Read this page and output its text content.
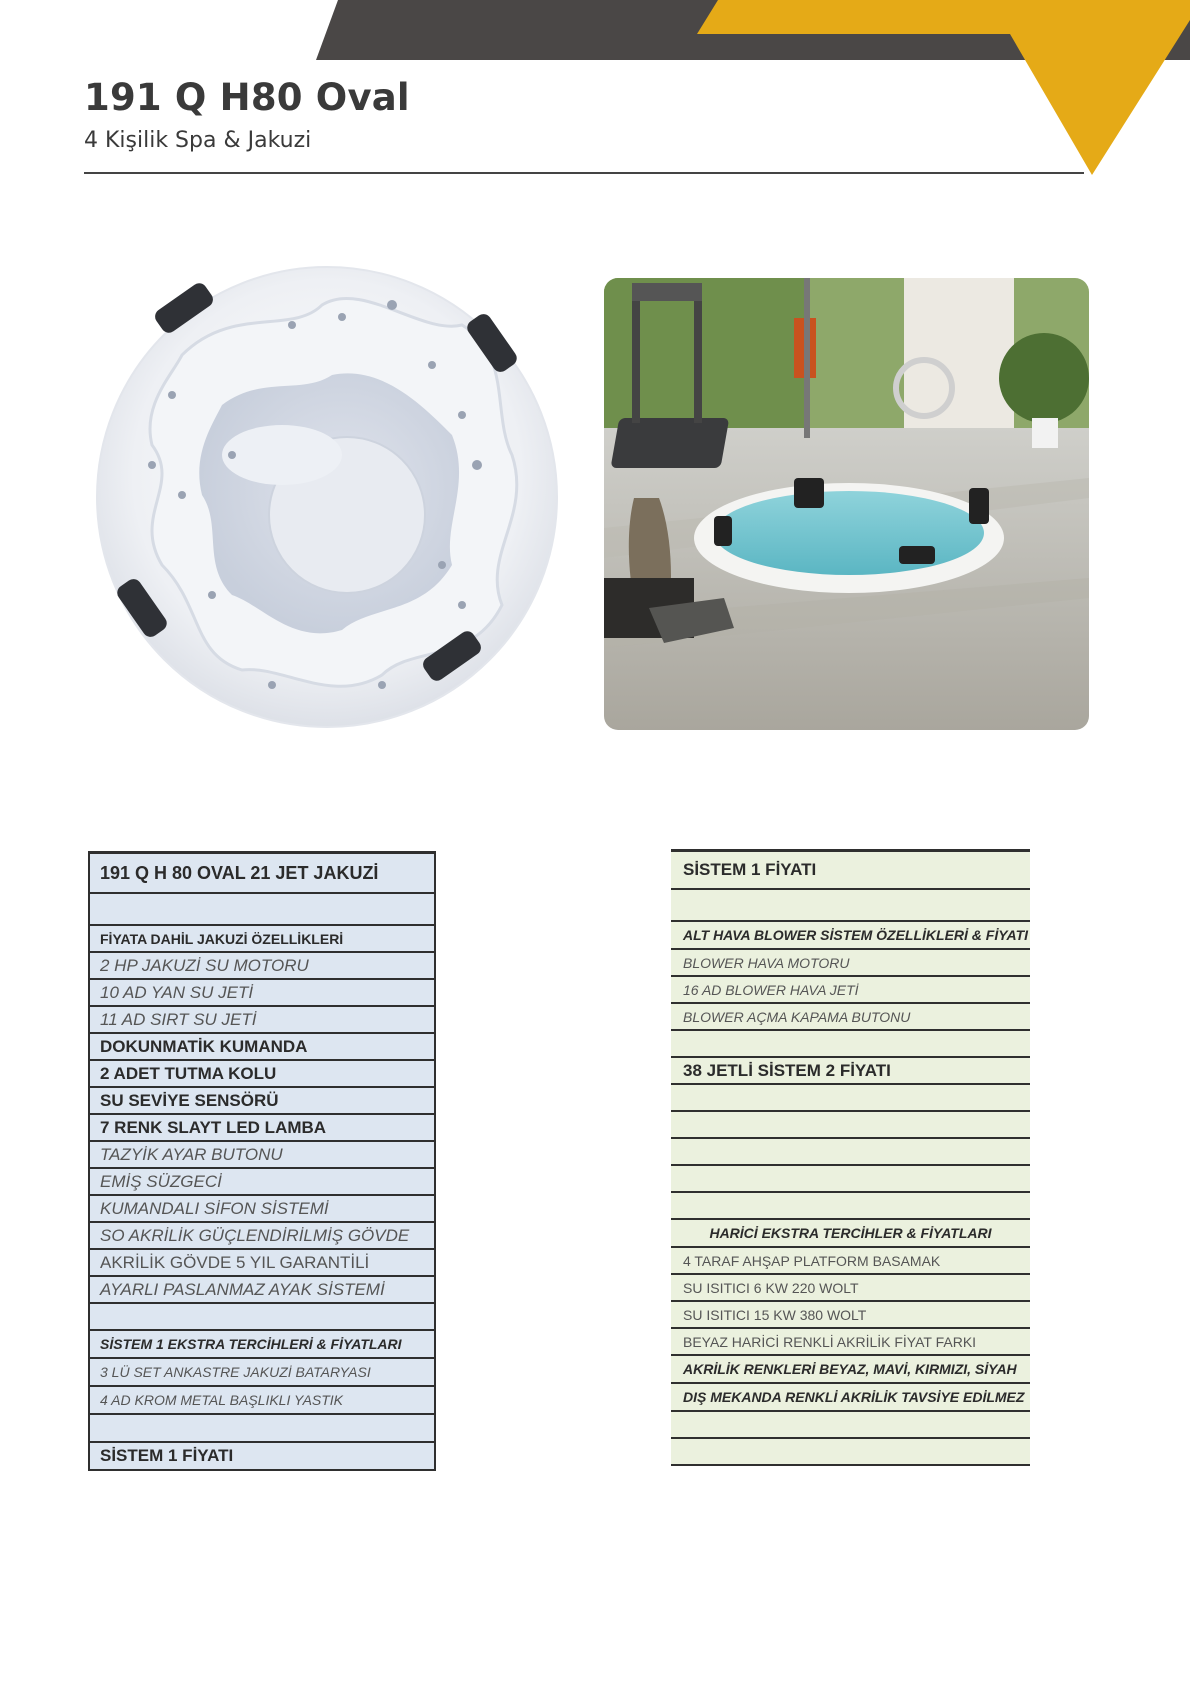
191 Q H80 Oval
4 Kişilik Spa & Jakuzi
191 Q H 80 OVAL 21 JET JAKUZİ
FİYATA DAHİL JAKUZİ ÖZELLİKLERİ
2 HP JAKUZİ SU MOTORU
10 AD YAN SU JETİ
11 AD SIRT SU JETİ
DOKUNMATİK KUMANDA
2 ADET TUTMA KOLU
SU SEVİYE SENSÖRÜ
7 RENK SLAYT LED LAMBA
TAZYİK AYAR BUTONU
EMİŞ SÜZGECİ
KUMANDALI SİFON SİSTEMİ
SO AKRİLİK GÜÇLENDİRİLMİŞ GÖVDE
AKRİLİK GÖVDE 5 YIL GARANTİLİ
AYARLI PASLANMAZ AYAK SİSTEMİ
SİSTEM 1 EKSTRA TERCİHLERİ & FİYATLARI
3 LÜ SET ANKASTRE JAKUZİ BATARYASI
4 AD KROM METAL BAŞLIKLI YASTIK
SİSTEM 1 FİYATI
SİSTEM 1 FİYATI
ALT HAVA BLOWER SİSTEM ÖZELLİKLERİ & FİYATI
BLOWER HAVA MOTORU
16 AD BLOWER HAVA JETİ
BLOWER AÇMA KAPAMA BUTONU
38 JETLİ SİSTEM 2 FİYATI
HARİCİ EKSTRA TERCİHLER & FİYATLARI
4 TARAF AHŞAP PLATFORM BASAMAK
SU ISITICI 6 KW 220 WOLT
SU ISITICI 15 KW 380 WOLT
BEYAZ HARİCİ RENKLİ AKRİLİK FİYAT FARKI
AKRİLİK RENKLERİ BEYAZ, MAVİ, KIRMIZI, SİYAH
DIŞ MEKANDA RENKLİ AKRİLİK TAVSİYE EDİLMEZ
